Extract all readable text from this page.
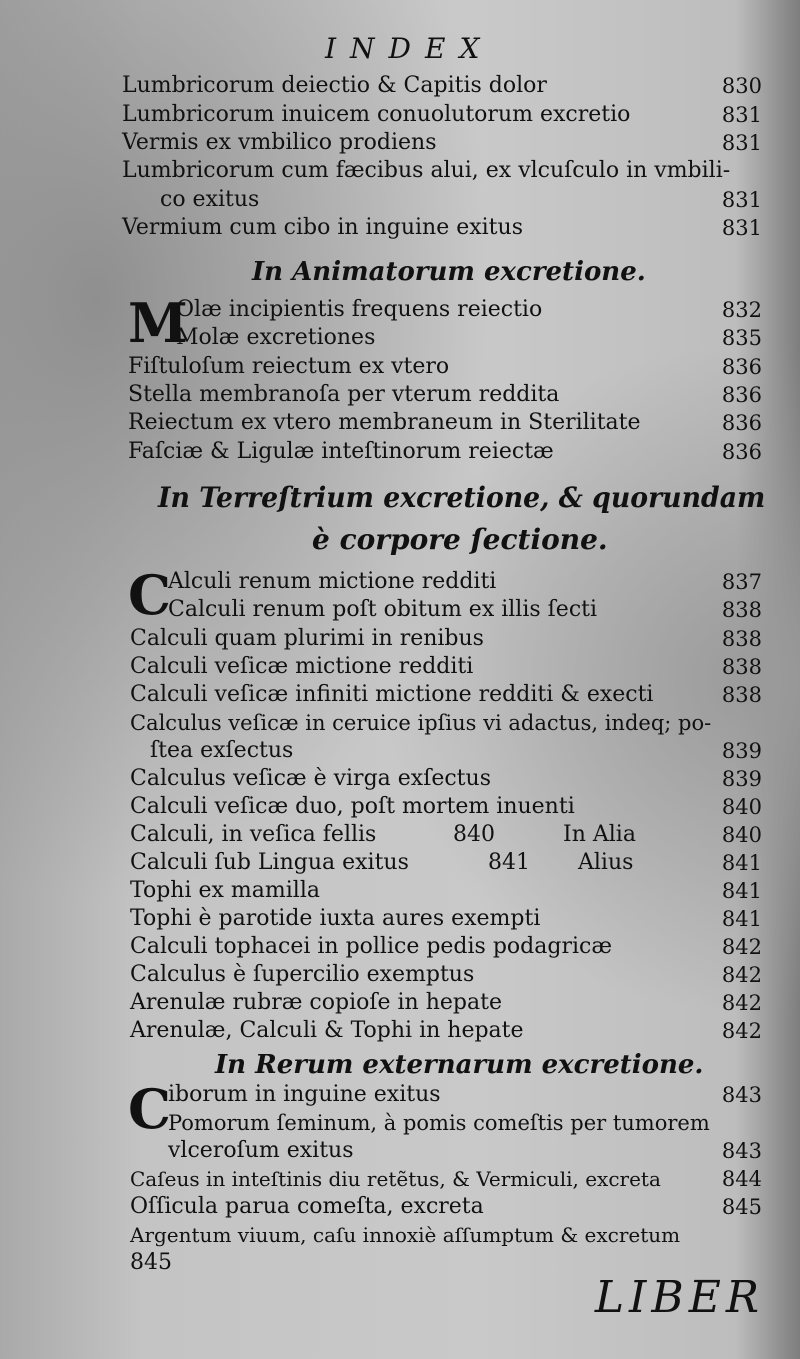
INDEX
Lumbricorum deiectio & Capitis dolor	830
Lumbricorum inuicem conuolutorum excretio	831
Vermis ex vmbilico prodiens	831
Lumbricorum cum fæcibus alui, ex vlcuſculo in vmbili-
co exitus	831
Vermium cum cibo in inguine exitus	831
In Animatorum excretione.
M
Olæ incipientis frequens reiectio	832
Molæ excretiones	835
Fiſtuloſum reiectum ex vtero	836
Stella membranoſa per vterum reddita	836
Reiectum ex vtero membraneum in Sterilitate	836
Faſciæ & Ligulæ inteſtinorum reiectæ	836
In Terreſtrium excretione, & quorundam
è corpore ſectione.
C
Alculi renum mictione redditi	837
Calculi renum poſt obitum ex illis ſecti	838
Calculi quam plurimi in renibus	838
Calculi veſicæ mictione redditi	838
Calculi veſicæ infiniti mictione redditi & execti	838
Calculus veſicæ in ceruice ipſius vi adactus, indeq; po-
ſtea exſectus	839
Calculus veſicæ è virga exſectus	839
Calculi veſicæ duo, poſt mortem inuenti	840
Calculi, in veſica fellis	840	In Alia	840
Calculi ſub Lingua exitus	841 Alius	841
Tophi ex mamilla	841
Tophi è parotide iuxta aures exempti	841
Calculi tophacei in pollice pedis podagricæ	842
Calculus è ſupercilio exemptus	842
Arenulæ rubræ copioſe in hepate	842
Arenulæ, Calculi & Tophi in hepate	842
In Rerum externarum excretione.
C
iborum in inguine exitus	843
Pomorum ſeminum, à pomis comeſtis per tumorem
vlceroſum exitus	843
Caſeus in inteſtinis diu retẽtus, & Vermiculi, excreta	844
Oſſicula parua comeſta, excreta	845
Argentum viuum, caſu innoxiè aſſumptum & excretum
845
LIBER
